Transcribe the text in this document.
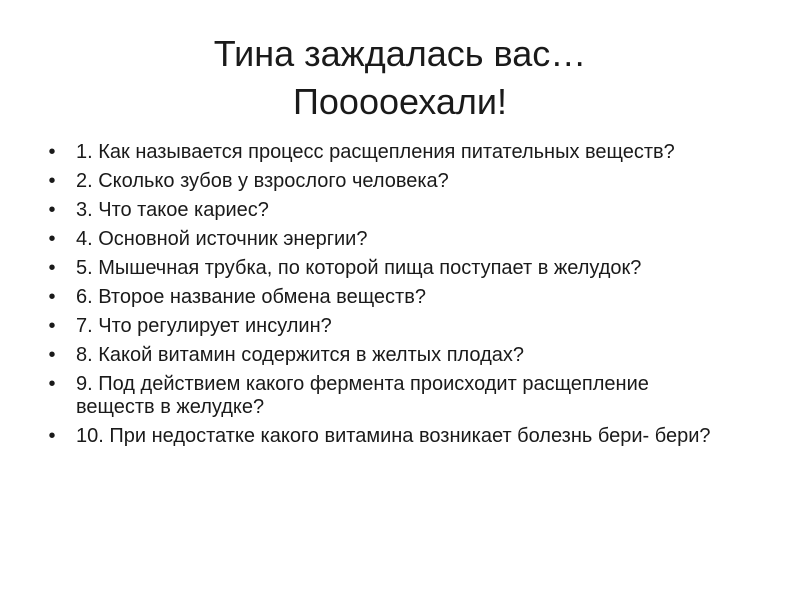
Тина заждалась вас…
Пооооехали!
•	1. Как называется процесс расщепления питательных веществ?
•	2. Сколько зубов у взрослого человека?
•	3. Что такое кариес?
•	4. Основной источник энергии?
•	5. Мышечная трубка, по которой пища поступает в желудок?
•	6. Второе название обмена веществ?
•	7. Что регулирует инсулин?
•	8. Какой витамин содержится в желтых плодах?
•	9. Под действием какого фермента происходит расщепление веществ в желудке?
•	10. При недостатке какого витамина возникает болезнь бери- бери?
